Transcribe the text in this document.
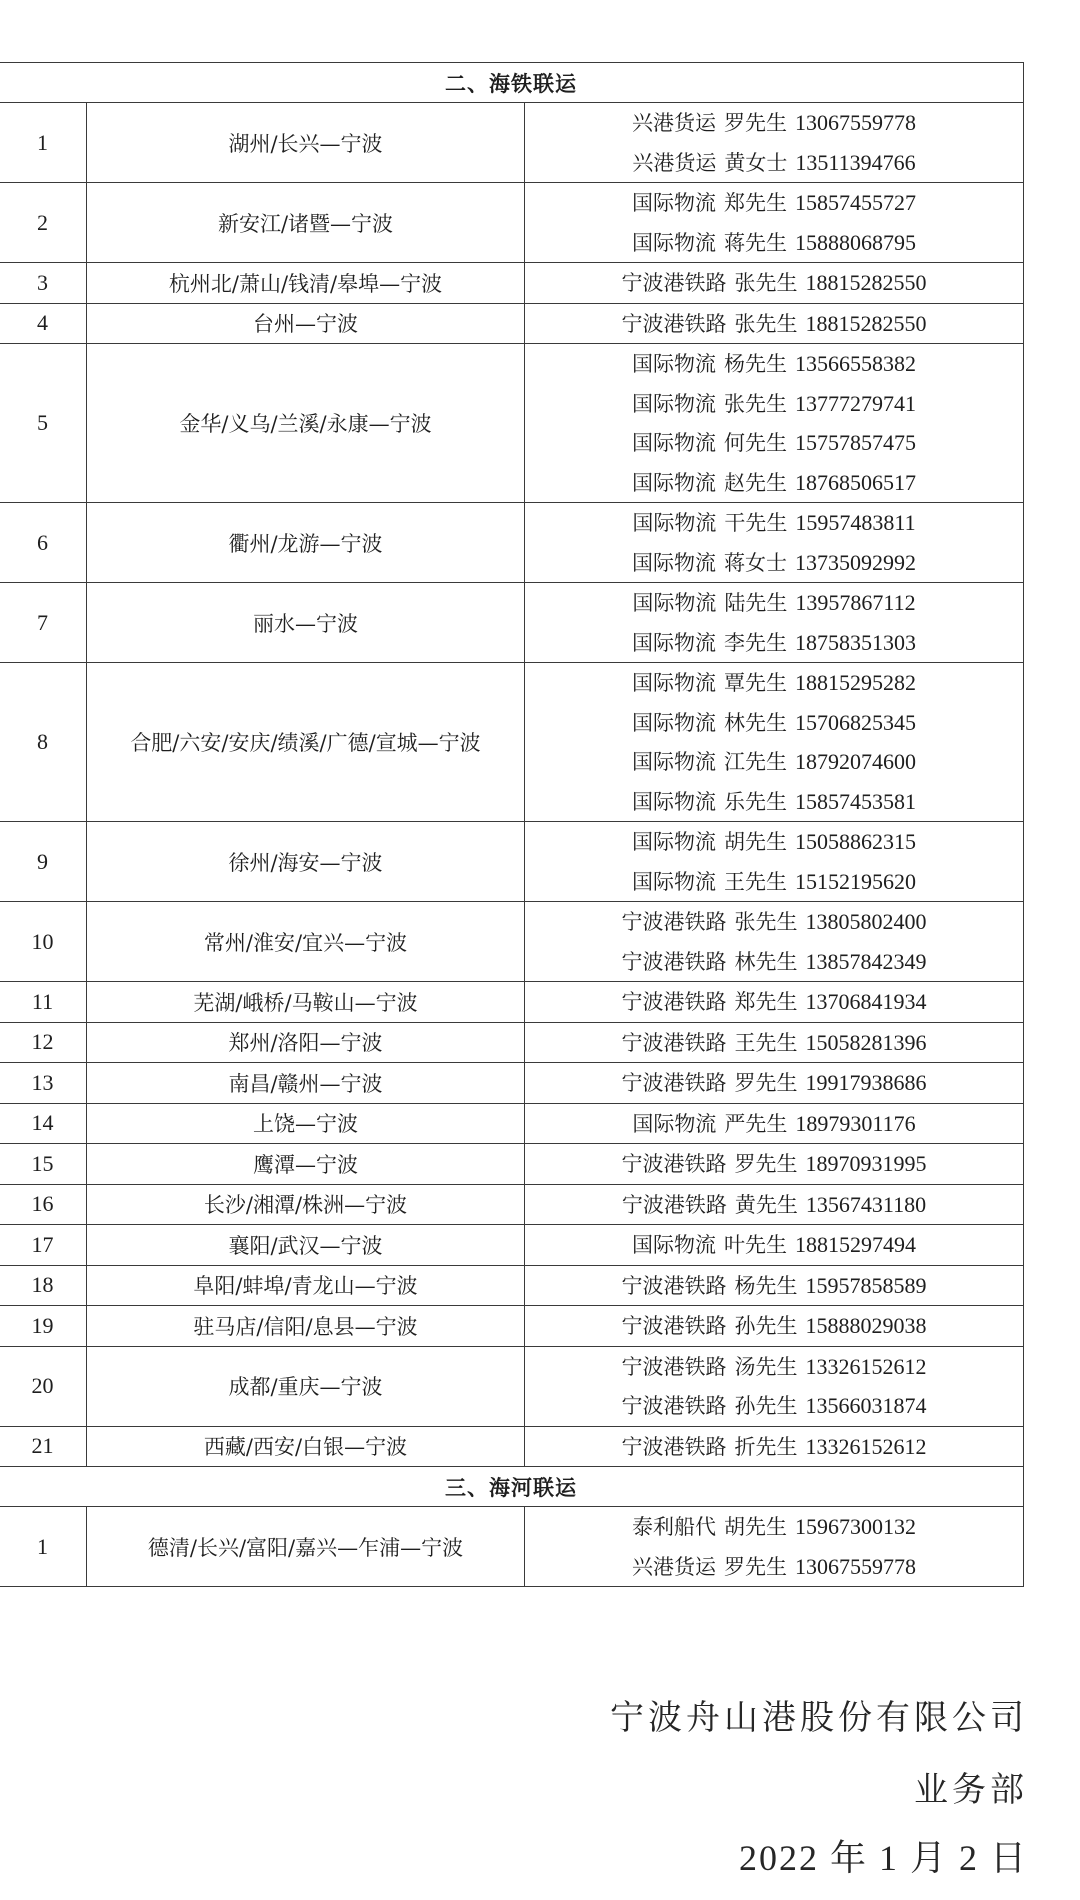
二、海铁联运		
1	湖州/长兴—宁波	兴港货运 罗先生 13067559778
兴港货运 黄女士 13511394766

2	新安江/诸暨—宁波	国际物流 郑先生 15857455727
国际物流 蒋先生 15888068795

3	杭州北/萧山/钱清/皋埠—宁波	宁波港铁路 张先生 18815282550

4	台州—宁波	宁波港铁路 张先生 18815282550

5	金华/义乌/兰溪/永康—宁波	国际物流 杨先生 13566558382
国际物流 张先生 13777279741
国际物流 何先生 15757857475
国际物流 赵先生 18768506517

6	衢州/龙游—宁波	国际物流 干先生 15957483811
国际物流 蒋女士 13735092992

7	丽水—宁波	国际物流 陆先生 13957867112
国际物流 李先生 18758351303

8	合肥/六安/安庆/绩溪/广德/宣城—宁波	国际物流 覃先生 18815295282
国际物流 林先生 15706825345
国际物流 江先生 18792074600
国际物流 乐先生 15857453581

9	徐州/海安—宁波	国际物流 胡先生 15058862315
国际物流 王先生 15152195620

10	常州/淮安/宜兴—宁波	宁波港铁路 张先生 13805802400
宁波港铁路 林先生 13857842349

11	芜湖/峨桥/马鞍山—宁波	宁波港铁路 郑先生 13706841934

12	郑州/洛阳—宁波	宁波港铁路 王先生 15058281396

13	南昌/赣州—宁波	宁波港铁路 罗先生 19917938686

14	上饶—宁波	国际物流 严先生 18979301176

15	鹰潭—宁波	宁波港铁路 罗先生 18970931995

16	长沙/湘潭/株洲—宁波	宁波港铁路 黄先生 13567431180

17	襄阳/武汉—宁波	国际物流 叶先生 18815297494

18	阜阳/蚌埠/青龙山—宁波	宁波港铁路 杨先生 15957858589

19	驻马店/信阳/息县—宁波	宁波港铁路 孙先生 15888029038

20	成都/重庆—宁波	宁波港铁路 汤先生 13326152612
宁波港铁路 孙先生 13566031874

21	西藏/西安/白银—宁波	宁波港铁路 折先生 13326152612

三、海河联运		
1	德清/长兴/富阳/嘉兴—乍浦—宁波	泰利船代 胡先生 15967300132
兴港货运 罗先生 13067559778
宁波舟山港股份有限公司
业务部
2022 年 1 月 2 日
